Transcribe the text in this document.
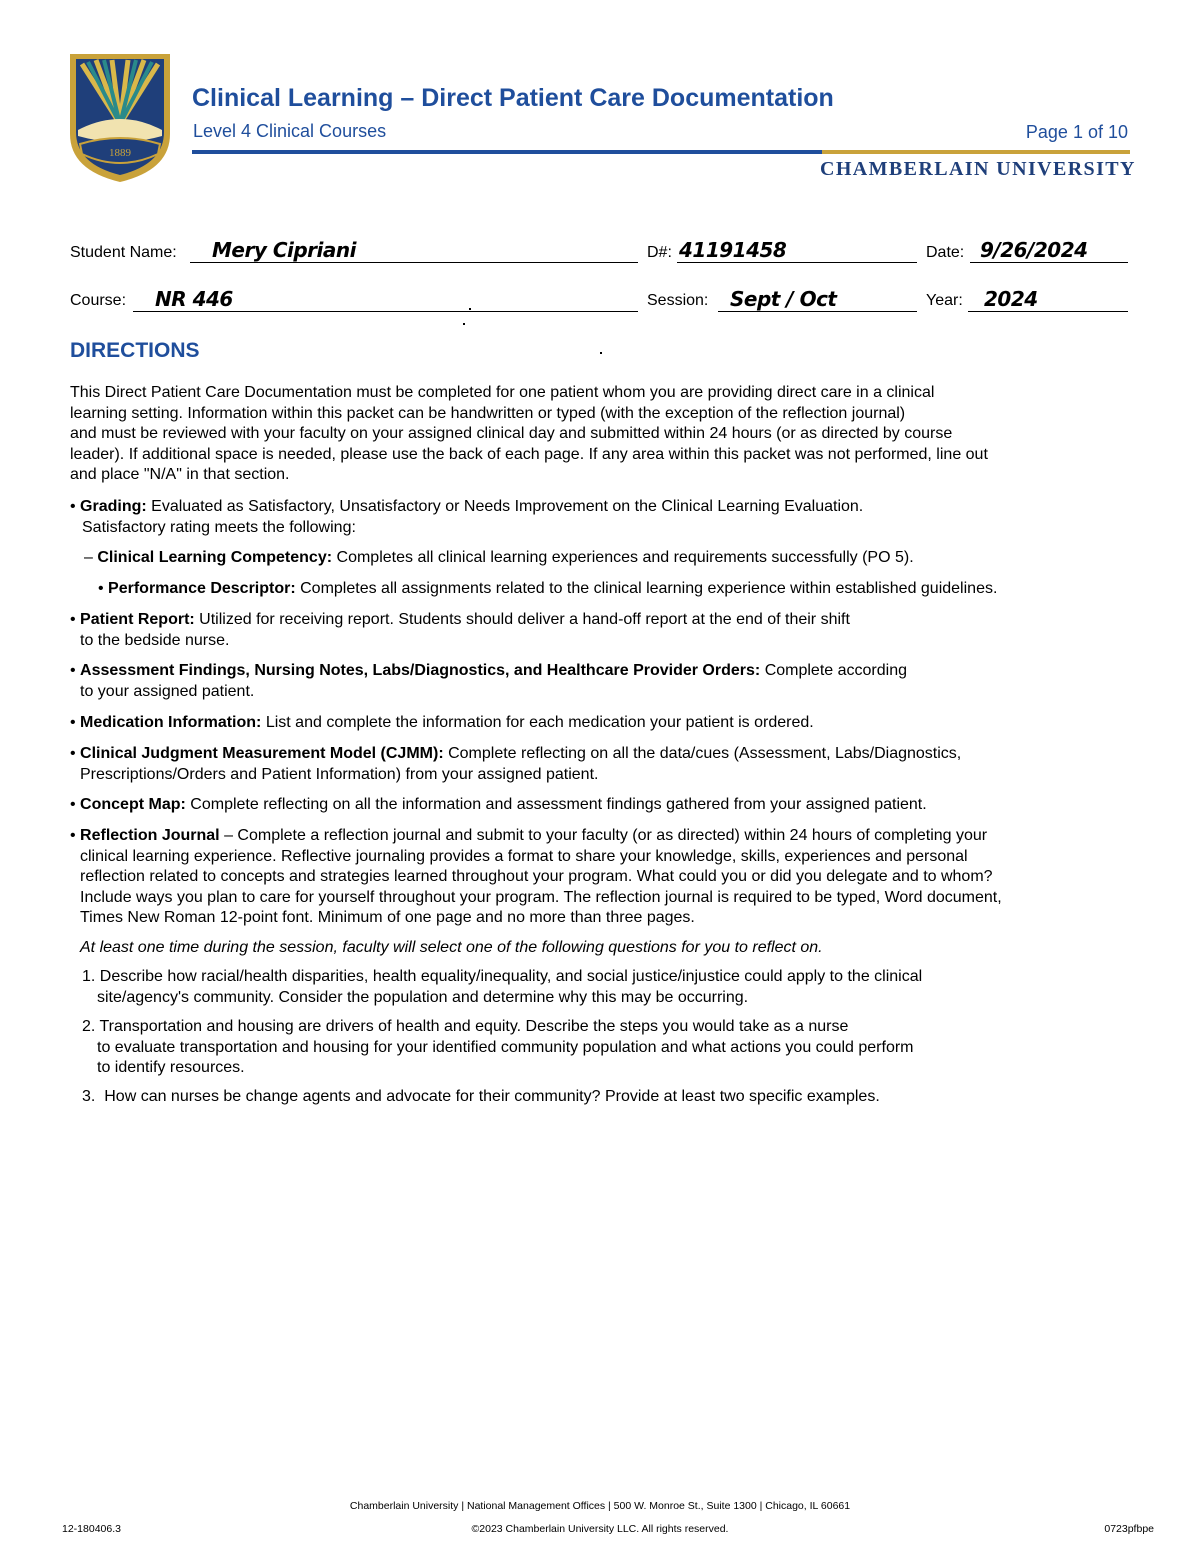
1889
Clinical Learning – Direct Patient Care Documentation
Level 4 Clinical Courses	Page 1 of 10
CHAMBERLAIN UNIVERSITY
Student Name: Mery Cipriani	D#: 41191458	Date: 9/26/2024
Course: NR 446	Session: Sept / Oct	Year: 2024
DIRECTIONS
This Direct Patient Care Documentation must be completed for one patient whom you are providing direct care in a clinical
learning setting. Information within this packet can be handwritten or typed (with the exception of the reflection journal)
and must be reviewed with your faculty on your assigned clinical day and submitted within 24 hours (or as directed by course
leader). If additional space is needed, please use the back of each page. If any area within this packet was not performed, line out
and place "N/A" in that section.
• Grading: Evaluated as Satisfactory, Unsatisfactory or Needs Improvement on the Clinical Learning Evaluation.
Satisfactory rating meets the following:
– Clinical Learning Competency: Completes all clinical learning experiences and requirements successfully (PO 5).
• Performance Descriptor: Completes all assignments related to the clinical learning experience within established guidelines.
• Patient Report: Utilized for receiving report. Students should deliver a hand-off report at the end of their shift
to the bedside nurse.
• Assessment Findings, Nursing Notes, Labs/Diagnostics, and Healthcare Provider Orders: Complete according
to your assigned patient.
• Medication Information: List and complete the information for each medication your patient is ordered.
• Clinical Judgment Measurement Model (CJMM): Complete reflecting on all the data/cues (Assessment, Labs/Diagnostics,
Prescriptions/Orders and Patient Information) from your assigned patient.
• Concept Map: Complete reflecting on all the information and assessment findings gathered from your assigned patient.
• Reflection Journal – Complete a reflection journal and submit to your faculty (or as directed) within 24 hours of completing your
clinical learning experience. Reflective journaling provides a format to share your knowledge, skills, experiences and personal
reflection related to concepts and strategies learned throughout your program. What could you or did you delegate and to whom?
Include ways you plan to care for yourself throughout your program. The reflection journal is required to be typed, Word document,
Times New Roman 12-point font. Minimum of one page and no more than three pages.
At least one time during the session, faculty will select one of the following questions for you to reflect on.
1. Describe how racial/health disparities, health equality/inequality, and social justice/injustice could apply to the clinical
site/agency's community. Consider the population and determine why this may be occurring.
2. Transportation and housing are drivers of health and equity. Describe the steps you would take as a nurse
to evaluate transportation and housing for your identified community population and what actions you could perform
to identify resources.
3. How can nurses be change agents and advocate for their community? Provide at least two specific examples.
Chamberlain University | National Management Offices | 500 W. Monroe St., Suite 1300 | Chicago, IL 60661
12-180406.3	©2023 Chamberlain University LLC. All rights reserved.	0723pfbpe
